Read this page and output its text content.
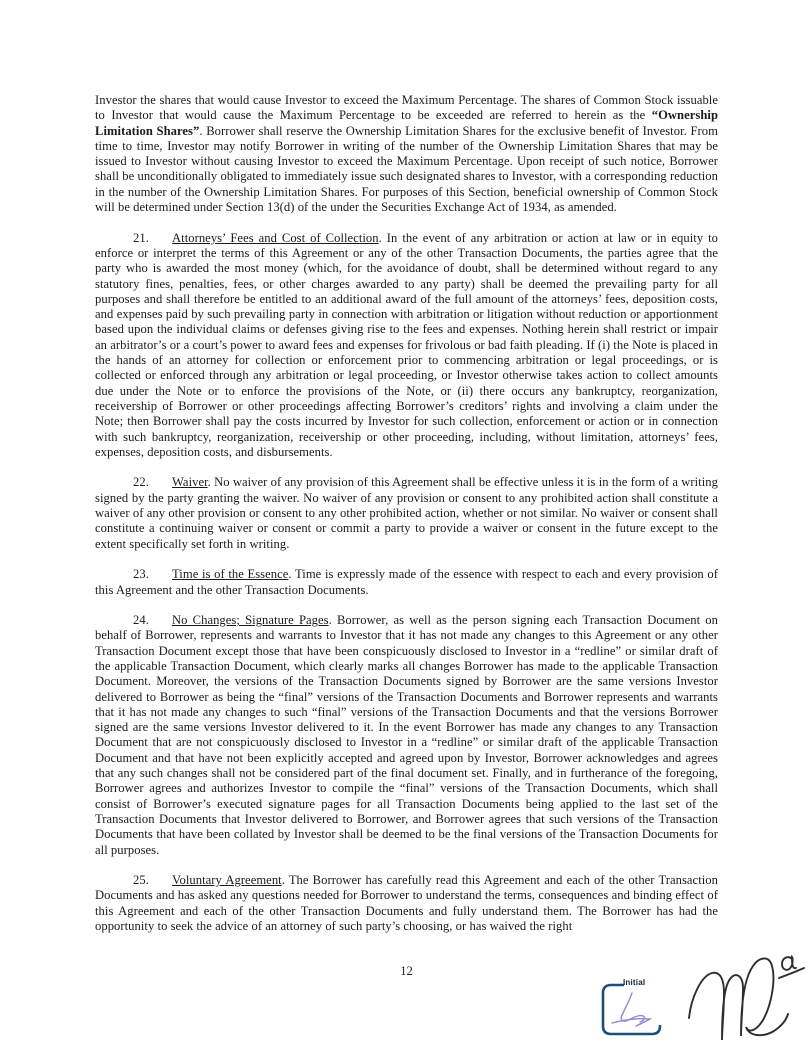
Investor the shares that would cause Investor to exceed the Maximum Percentage. The shares of Common Stock issuable to Investor that would cause the Maximum Percentage to be exceeded are referred to herein as the “Ownership Limitation Shares”. Borrower shall reserve the Ownership Limitation Shares for the exclusive benefit of Investor. From time to time, Investor may notify Borrower in writing of the number of the Ownership Limitation Shares that may be issued to Investor without causing Investor to exceed the Maximum Percentage. Upon receipt of such notice, Borrower shall be unconditionally obligated to immediately issue such designated shares to Investor, with a corresponding reduction in the number of the Ownership Limitation Shares. For purposes of this Section, beneficial ownership of Common Stock will be determined under Section 13(d) of the under the Securities Exchange Act of 1934, as amended.

21. Attorneys’ Fees and Cost of Collection. In the event of any arbitration or action at law or in equity to enforce or interpret the terms of this Agreement or any of the other Transaction Documents, the parties agree that the party who is awarded the most money (which, for the avoidance of doubt, shall be determined without regard to any statutory fines, penalties, fees, or other charges awarded to any party) shall be deemed the prevailing party for all purposes and shall therefore be entitled to an additional award of the full amount of the attorneys’ fees, deposition costs, and expenses paid by such prevailing party in connection with arbitration or litigation without reduction or apportionment based upon the individual claims or defenses giving rise to the fees and expenses. Nothing herein shall restrict or impair an arbitrator’s or a court’s power to award fees and expenses for frivolous or bad faith pleading. If (i) the Note is placed in the hands of an attorney for collection or enforcement prior to commencing arbitration or legal proceedings, or is collected or enforced through any arbitration or legal proceeding, or Investor otherwise takes action to collect amounts due under the Note or to enforce the provisions of the Note, or (ii) there occurs any bankruptcy, reorganization, receivership of Borrower or other proceedings affecting Borrower’s creditors’ rights and involving a claim under the Note; then Borrower shall pay the costs incurred by Investor for such collection, enforcement or action or in connection with such bankruptcy, reorganization, receivership or other proceeding, including, without limitation, attorneys’ fees, expenses, deposition costs, and disbursements.

22. Waiver. No waiver of any provision of this Agreement shall be effective unless it is in the form of a writing signed by the party granting the waiver. No waiver of any provision or consent to any prohibited action shall constitute a waiver of any other provision or consent to any other prohibited action, whether or not similar. No waiver or consent shall constitute a continuing waiver or consent or commit a party to provide a waiver or consent in the future except to the extent specifically set forth in writing.

23. Time is of the Essence. Time is expressly made of the essence with respect to each and every provision of this Agreement and the other Transaction Documents.

24. No Changes; Signature Pages. Borrower, as well as the person signing each Transaction Document on behalf of Borrower, represents and warrants to Investor that it has not made any changes to this Agreement or any other Transaction Document except those that have been conspicuously disclosed to Investor in a “redline” or similar draft of the applicable Transaction Document, which clearly marks all changes Borrower has made to the applicable Transaction Document. Moreover, the versions of the Transaction Documents signed by Borrower are the same versions Investor delivered to Borrower as being the “final” versions of the Transaction Documents and Borrower represents and warrants that it has not made any changes to such “final” versions of the Transaction Documents and that the versions Borrower signed are the same versions Investor delivered to it. In the event Borrower has made any changes to any Transaction Document that are not conspicuously disclosed to Investor in a “redline” or similar draft of the applicable Transaction Document and that have not been explicitly accepted and agreed upon by Investor, Borrower acknowledges and agrees that any such changes shall not be considered part of the final document set. Finally, and in furtherance of the foregoing, Borrower agrees and authorizes Investor to compile the “final” versions of the Transaction Documents, which shall consist of Borrower’s executed signature pages for all Transaction Documents being applied to the last set of the Transaction Documents that Investor delivered to Borrower, and Borrower agrees that such versions of the Transaction Documents that have been collated by Investor shall be deemed to be the final versions of the Transaction Documents for all purposes.

25. Voluntary Agreement. The Borrower has carefully read this Agreement and each of the other Transaction Documents and has asked any questions needed for Borrower to understand the terms, consequences and binding effect of this Agreement and each of the other Transaction Documents and fully understand them. The Borrower has had the opportunity to seek the advice of an attorney of such party’s choosing, or has waived the right

12
Initial
